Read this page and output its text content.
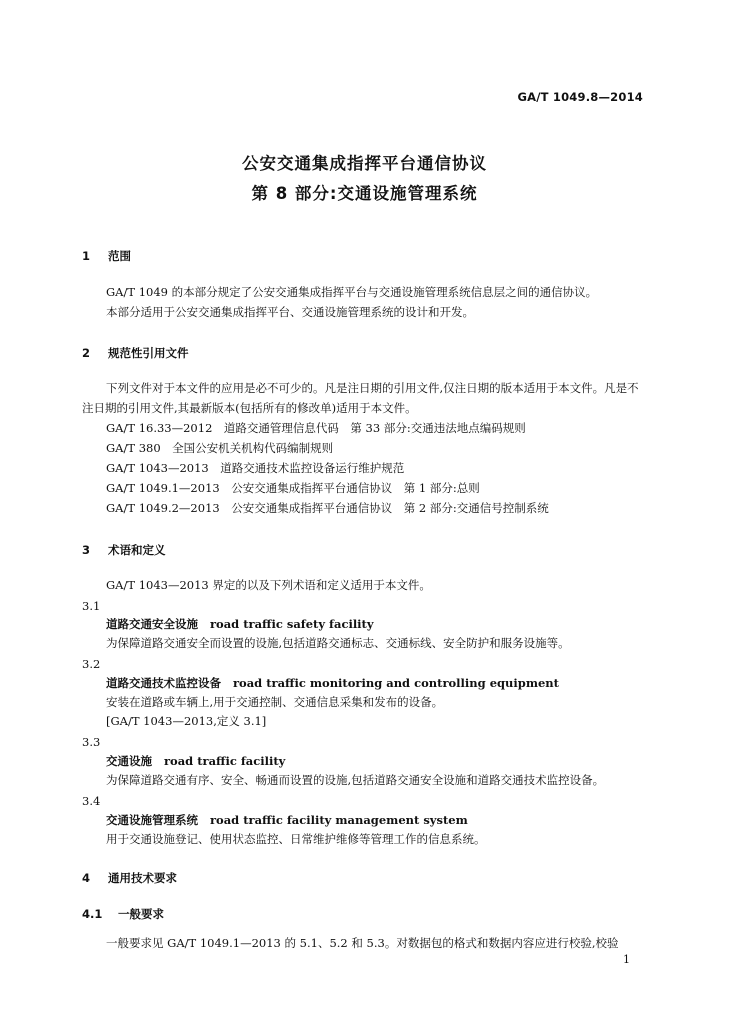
GA/T 1049.8—2014
公安交通集成指挥平台通信协议
第 8 部分:交通设施管理系统
1 范围
GA/T 1049 的本部分规定了公安交通集成指挥平台与交通设施管理系统信息层之间的通信协议。
本部分适用于公安交通集成指挥平台、交通设施管理系统的设计和开发。
2 规范性引用文件
下列文件对于本文件的应用是必不可少的。凡是注日期的引用文件,仅注日期的版本适用于本文件。凡是不注日期的引用文件,其最新版本(包括所有的修改单)适用于本文件。
GA/T 16.33—2012　道路交通管理信息代码　第 33 部分:交通违法地点编码规则
GA/T 380　全国公安机关机构代码编制规则
GA/T 1043—2013　道路交通技术监控设备运行维护规范
GA/T 1049.1—2013　公安交通集成指挥平台通信协议　第 1 部分:总则
GA/T 1049.2—2013　公安交通集成指挥平台通信协议　第 2 部分:交通信号控制系统
3 术语和定义
GA/T 1043—2013 界定的以及下列术语和定义适用于本文件。
3.1
道路交通安全设施 road traffic safety facility
为保障道路交通安全而设置的设施,包括道路交通标志、交通标线、安全防护和服务设施等。
3.2
道路交通技术监控设备 road traffic monitoring and controlling equipment
安装在道路或车辆上,用于交通控制、交通信息采集和发布的设备。
[GA/T 1043—2013,定义 3.1]
3.3
交通设施 road traffic facility
为保障道路交通有序、安全、畅通而设置的设施,包括道路交通安全设施和道路交通技术监控设备。
3.4
交通设施管理系统 road traffic facility management system
用于交通设施登记、使用状态监控、日常维护维修等管理工作的信息系统。
4 通用技术要求
4.1 一般要求
一般要求见 GA/T 1049.1—2013 的 5.1、5.2 和 5.3。对数据包的格式和数据内容应进行校验,校验
1
